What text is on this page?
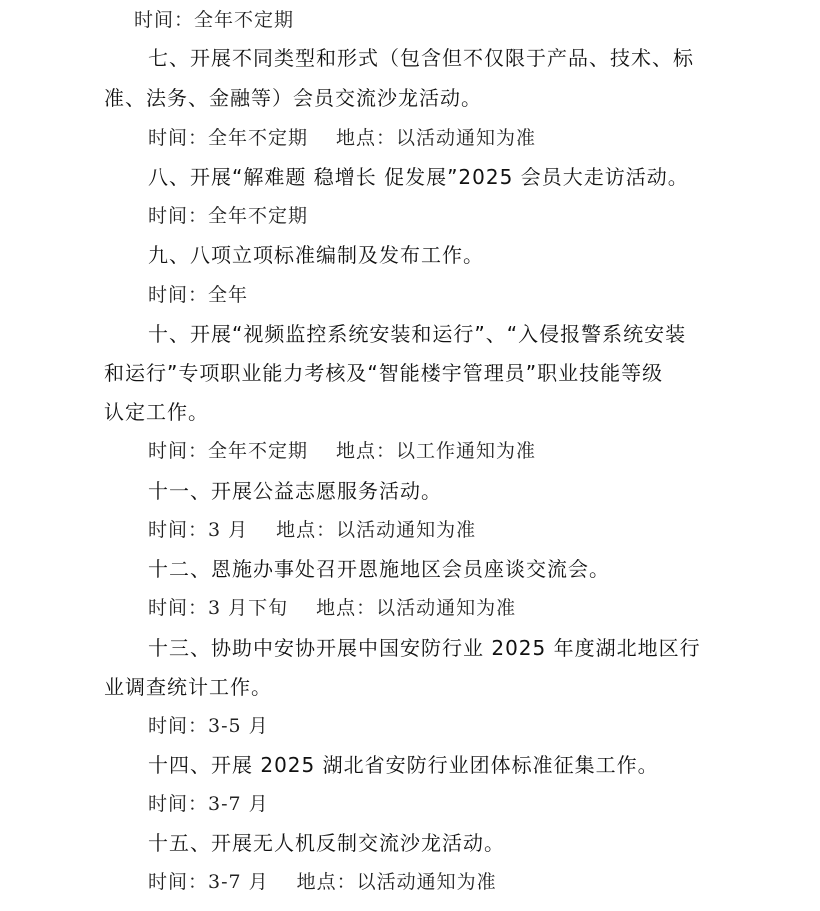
时间：全年不定期
七、开展不同类型和形式（包含但不仅限于产品、技术、标
准、法务、金融等）会员交流沙龙活动。
时间：全年不定期 地点：以活动通知为准
八、开展“解难题 稳增长 促发展”2025 会员大走访活动。
时间：全年不定期
九、八项立项标准编制及发布工作。
时间：全年
十、开展“视频监控系统安装和运行”、“入侵报警系统安装
和运行”专项职业能力考核及“智能楼宇管理员”职业技能等级
认定工作。
时间：全年不定期 地点：以工作通知为准
十一、开展公益志愿服务活动。
时间：3 月 地点：以活动通知为准
十二、恩施办事处召开恩施地区会员座谈交流会。
时间：3 月下旬 地点：以活动通知为准
十三、协助中安协开展中国安防行业 2025 年度湖北地区行
业调查统计工作。
时间：3-5 月
十四、开展 2025 湖北省安防行业团体标准征集工作。
时间：3-7 月
十五、开展无人机反制交流沙龙活动。
时间：3-7 月 地点：以活动通知为准
